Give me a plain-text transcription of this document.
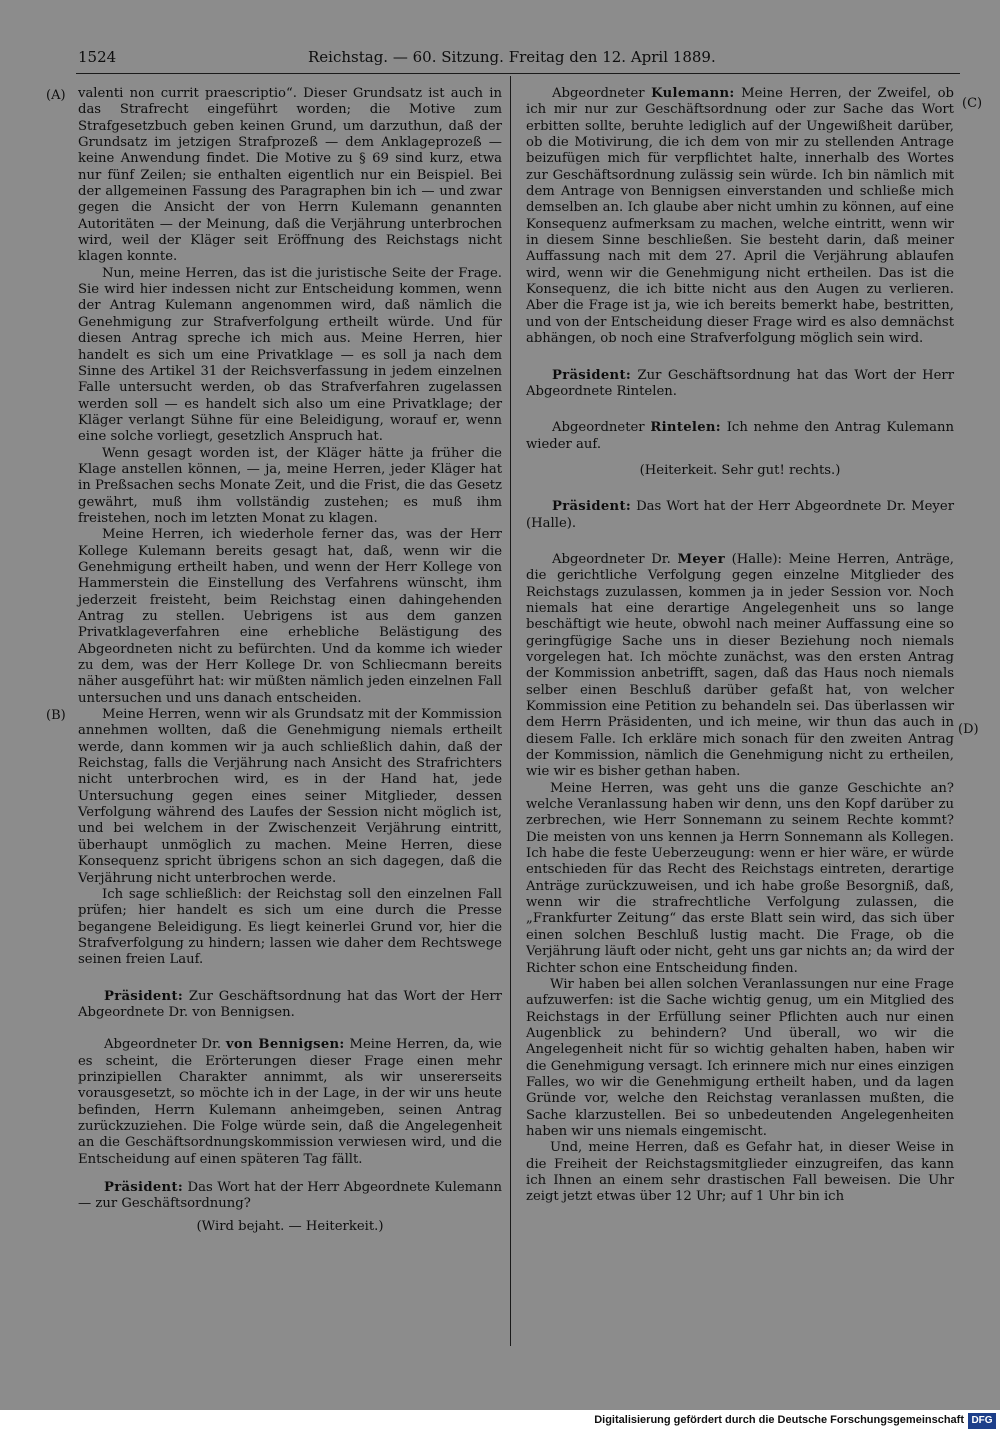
1524	Reichstag. — 60. Sitzung. Freitag den 12. April 1889.
(A)
(B)
(C)
(D)

valenti non currit praescriptio“. Dieser Grundsatz ist auch in das Strafrecht eingeführt worden; die Motive zum Strafgesetzbuch geben keinen Grund, um darzuthun, daß der Grundsatz im jetzigen Strafprozeß — dem Anklageprozeß — keine Anwendung findet. Die Motive zu § 69 sind kurz, etwa nur fünf Zeilen; sie enthalten eigentlich nur ein Beispiel. Bei der allgemeinen Fassung des Paragraphen bin ich — und zwar gegen die Ansicht der von Herrn Kulemann genannten Autoritäten — der Meinung, daß die Verjährung unterbrochen wird, weil der Kläger seit Eröffnung des Reichstags nicht klagen konnte.

Nun, meine Herren, das ist die juristische Seite der Frage. Sie wird hier indessen nicht zur Entscheidung kommen, wenn der Antrag Kulemann angenommen wird, daß nämlich die Genehmigung zur Strafverfolgung ertheilt würde. Und für diesen Antrag spreche ich mich aus. Meine Herren, hier handelt es sich um eine Privatklage — es soll ja nach dem Sinne des Artikel 31 der Reichsverfassung in jedem einzelnen Falle untersucht werden, ob das Strafverfahren zugelassen werden soll — es handelt sich also um eine Privatklage; der Kläger verlangt Sühne für eine Beleidigung, worauf er, wenn eine solche vorliegt, gesetzlich Anspruch hat.

Wenn gesagt worden ist, der Kläger hätte ja früher die Klage anstellen können, — ja, meine Herren, jeder Kläger hat in Preßsachen sechs Monate Zeit, und die Frist, die das Gesetz gewährt, muß ihm vollständig zustehen; es muß ihm freistehen, noch im letzten Monat zu klagen.

Meine Herren, ich wiederhole ferner das, was der Herr Kollege Kulemann bereits gesagt hat, daß, wenn wir die Genehmigung ertheilt haben, und wenn der Herr Kollege von Hammerstein die Einstellung des Verfahrens wünscht, ihm jederzeit freisteht, beim Reichstag einen dahingehenden Antrag zu stellen. Uebrigens ist aus dem ganzen Privatklageverfahren eine erhebliche Belästigung des Abgeordneten nicht zu befürchten. Und da komme ich wieder zu dem, was der Herr Kollege Dr. von Schliecmann bereits näher ausgeführt hat: wir müßten nämlich jeden einzelnen Fall untersuchen und uns danach entscheiden.

Meine Herren, wenn wir als Grundsatz mit der Kommission annehmen wollten, daß die Genehmigung niemals ertheilt werde, dann kommen wir ja auch schließlich dahin, daß der Reichstag, falls die Verjährung nach Ansicht des Strafrichters nicht unterbrochen wird, es in der Hand hat, jede Untersuchung gegen eines seiner Mitglieder, dessen Verfolgung während des Laufes der Session nicht möglich ist, und bei welchem in der Zwischenzeit Verjährung eintritt, überhaupt unmöglich zu machen. Meine Herren, diese Konsequenz spricht übrigens schon an sich dagegen, daß die Verjährung nicht unterbrochen werde.

Ich sage schließlich: der Reichstag soll den einzelnen Fall prüfen; hier handelt es sich um eine durch die Presse begangene Beleidigung. Es liegt keinerlei Grund vor, hier die Strafverfolgung zu hindern; lassen wie daher dem Rechtswege seinen freien Lauf.

Präsident: Zur Geschäftsordnung hat das Wort der Herr Abgeordnete Dr. von Bennigsen.

Abgeordneter Dr. von Bennigsen: Meine Herren, da, wie es scheint, die Erörterungen dieser Frage einen mehr prinzipiellen Charakter annimmt, als wir unsererseits vorausgesetzt, so möchte ich in der Lage, in der wir uns heute befinden, Herrn Kulemann anheimgeben, seinen Antrag zurückzuziehen. Die Folge würde sein, daß die Angelegenheit an die Geschäftsordnungskommission verwiesen wird, und die Entscheidung auf einen späteren Tag fällt.

Präsident: Das Wort hat der Herr Abgeordnete Kulemann — zur Geschäftsordnung?

(Wird bejaht. — Heiterkeit.)

Abgeordneter Kulemann: Meine Herren, der Zweifel, ob ich mir nur zur Geschäftsordnung oder zur Sache das Wort erbitten sollte, beruhte lediglich auf der Ungewißheit darüber, ob die Motivirung, die ich dem von mir zu stellenden Antrage beizufügen mich für verpflichtet halte, innerhalb des Wortes zur Geschäftsordnung zulässig sein würde. Ich bin nämlich mit dem Antrage von Bennigsen einverstanden und schließe mich demselben an. Ich glaube aber nicht umhin zu können, auf eine Konsequenz aufmerksam zu machen, welche eintritt, wenn wir in diesem Sinne beschließen. Sie besteht darin, daß meiner Auffassung nach mit dem 27. April die Verjährung ablaufen wird, wenn wir die Genehmigung nicht ertheilen. Das ist die Konsequenz, die ich bitte nicht aus den Augen zu verlieren. Aber die Frage ist ja, wie ich bereits bemerkt habe, bestritten, und von der Entscheidung dieser Frage wird es also demnächst abhängen, ob noch eine Strafverfolgung möglich sein wird.

Präsident: Zur Geschäftsordnung hat das Wort der Herr Abgeordnete Rintelen.

Abgeordneter Rintelen: Ich nehme den Antrag Kulemann wieder auf.

(Heiterkeit. Sehr gut! rechts.)

Präsident: Das Wort hat der Herr Abgeordnete Dr. Meyer (Halle).

Abgeordneter Dr. Meyer (Halle): Meine Herren, Anträge, die gerichtliche Verfolgung gegen einzelne Mitglieder des Reichstags zuzulassen, kommen ja in jeder Session vor. Noch niemals hat eine derartige Angelegenheit uns so lange beschäftigt wie heute, obwohl nach meiner Auffassung eine so geringfügige Sache uns in dieser Beziehung noch niemals vorgelegen hat. Ich möchte zunächst, was den ersten Antrag der Kommission anbetrifft, sagen, daß das Haus noch niemals selber einen Beschluß darüber gefaßt hat, von welcher Kommission eine Petition zu behandeln sei. Das überlassen wir dem Herrn Präsidenten, und ich meine, wir thun das auch in diesem Falle. Ich erkläre mich sonach für den zweiten Antrag der Kommission, nämlich die Genehmigung nicht zu ertheilen, wie wir es bisher gethan haben.

Meine Herren, was geht uns die ganze Geschichte an? welche Veranlassung haben wir denn, uns den Kopf darüber zu zerbrechen, wie Herr Sonnemann zu seinem Rechte kommt? Die meisten von uns kennen ja Herrn Sonnemann als Kollegen. Ich habe die feste Ueberzeugung: wenn er hier wäre, er würde entschieden für das Recht des Reichstags eintreten, derartige Anträge zurückzuweisen, und ich habe große Besorgniß, daß, wenn wir die strafrechtliche Verfolgung zulassen, die „Frankfurter Zeitung“ das erste Blatt sein wird, das sich über einen solchen Beschluß lustig macht. Die Frage, ob die Verjährung läuft oder nicht, geht uns gar nichts an; da wird der Richter schon eine Entscheidung finden.

Wir haben bei allen solchen Veranlassungen nur eine Frage aufzuwerfen: ist die Sache wichtig genug, um ein Mitglied des Reichstags in der Erfüllung seiner Pflichten auch nur einen Augenblick zu behindern? Und überall, wo wir die Angelegenheit nicht für so wichtig gehalten haben, haben wir die Genehmigung versagt. Ich erinnere mich nur eines einzigen Falles, wo wir die Genehmigung ertheilt haben, und da lagen Gründe vor, welche den Reichstag veranlassen mußten, die Sache klarzustellen. Bei so unbedeutenden Angelegenheiten haben wir uns niemals eingemischt.

Und, meine Herren, daß es Gefahr hat, in dieser Weise in die Freiheit der Reichstagsmitglieder einzugreifen, das kann ich Ihnen an einem sehr drastischen Fall beweisen. Die Uhr zeigt jetzt etwas über 12 Uhr; auf 1 Uhr bin ich

Digitalisierung gefördert durch die Deutsche Forschungsgemeinschaft DFG
